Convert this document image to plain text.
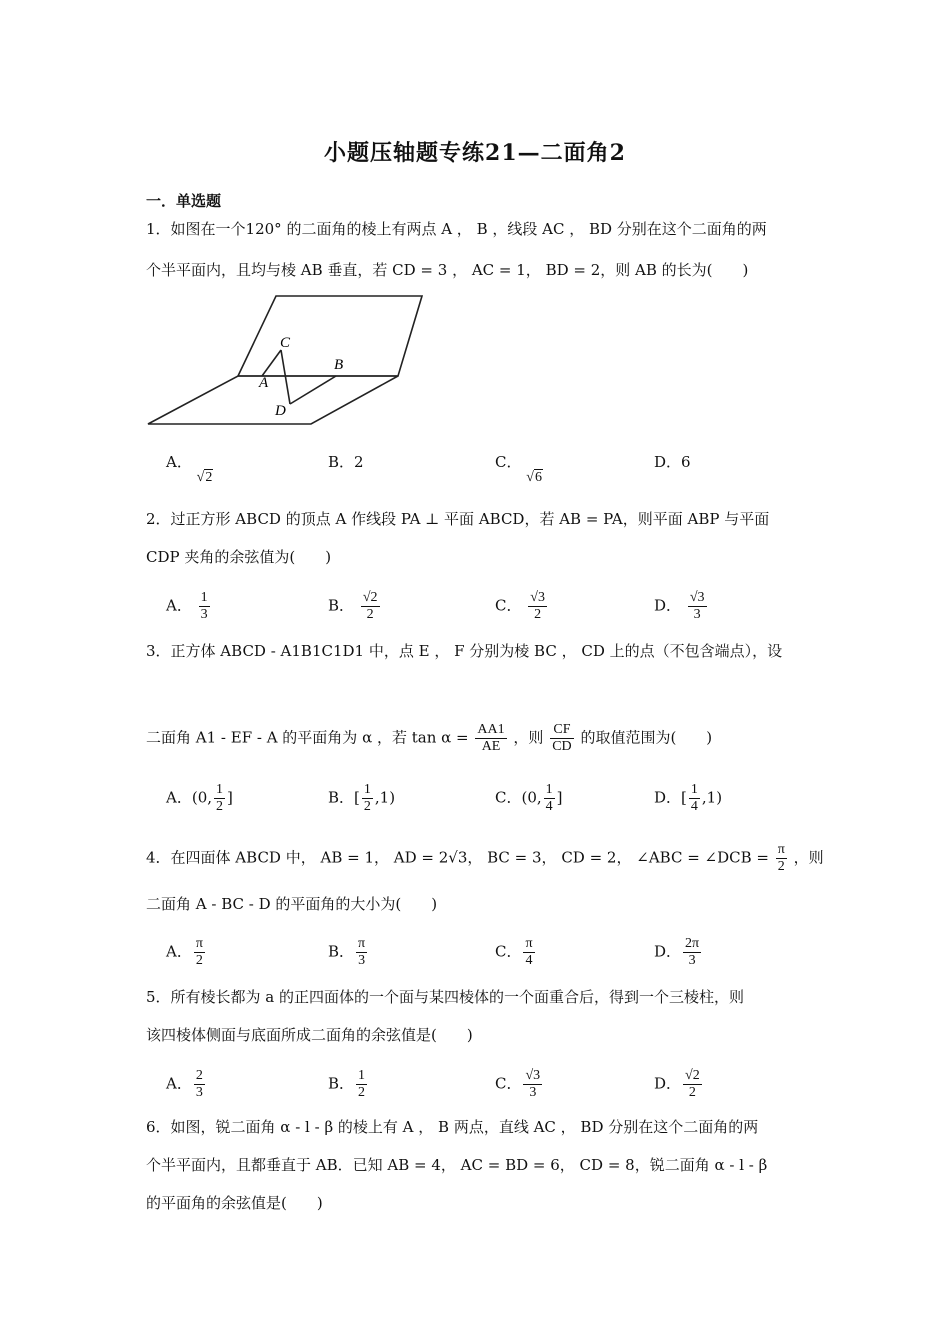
小题压轴题专练21—二面角2
一．单选题
1．如图在一个120° 的二面角的棱上有两点 A ， B ，线段 AC ， BD 分别在这个二面角的两
个半平面内，且均与棱 AB 垂直，若 CD = 3 ， AC = 1， BD = 2，则 AB 的长为(　　)
C
B
A
D
A． √2
B．2	C． √6
D．6
2．过正方形 ABCD 的顶点 A 作线段 PA ⊥ 平面 ABCD，若 AB = PA，则平面 ABP 与平面
CDP 夹角的余弦值为(　　)
A． $\frac{1}{3}$	B． $\frac{√2}{2}$	C． $\frac{√3}{2}$	D． $\frac{√3}{3}$
3．正方体 ABCD - A1B1C1D1 中，点 E ， F 分别为棱 BC ， CD 上的点（不包含端点），设
二面角 A1 - EF - A 的平面角为 α ，若 $\tan \alpha = \frac{AA1}{AE}$ ，则 $\frac{CF}{CD}$ 的取值范围为(　　)
A．(0, $\frac{1}{2}$ ]	B．[ $\frac{1}{2} ,1$)	C．(0, $\frac{1}{4}$ ]	D．[ $\frac{1}{4} ,1$)
4．在四面体 ABCD 中， AB = 1， AD = 2√3， BC = 3， CD = 2， ∠ABC = ∠DCB = $\frac{\pi}{2}$ ，则
二面角 A - BC - D 的平面角的大小为(　　)
A． $\frac{\pi}{2}$	B． $\frac{\pi}{3}$	C． $\frac{\pi}{4}$	D． $\frac{2\pi}{3}$
5．所有棱长都为 a 的正四面体的一个面与某四棱体的一个面重合后，得到一个三棱柱，则
该四棱体侧面与底面所成二面角的余弦值是(　　)
A． $\frac{2}{3}$	B． $\frac{1}{2}$	C． $\frac{√3}{3}$	D． $\frac{√2}{2}$
6．如图，锐二面角 α - l - β 的棱上有 A ， B 两点，直线 AC ， BD 分别在这个二面角的两
个半平面内，且都垂直于 AB．已知 AB = 4， AC = BD = 6， CD = 8，锐二面角 α - l - β
的平面角的余弦值是(　　)
